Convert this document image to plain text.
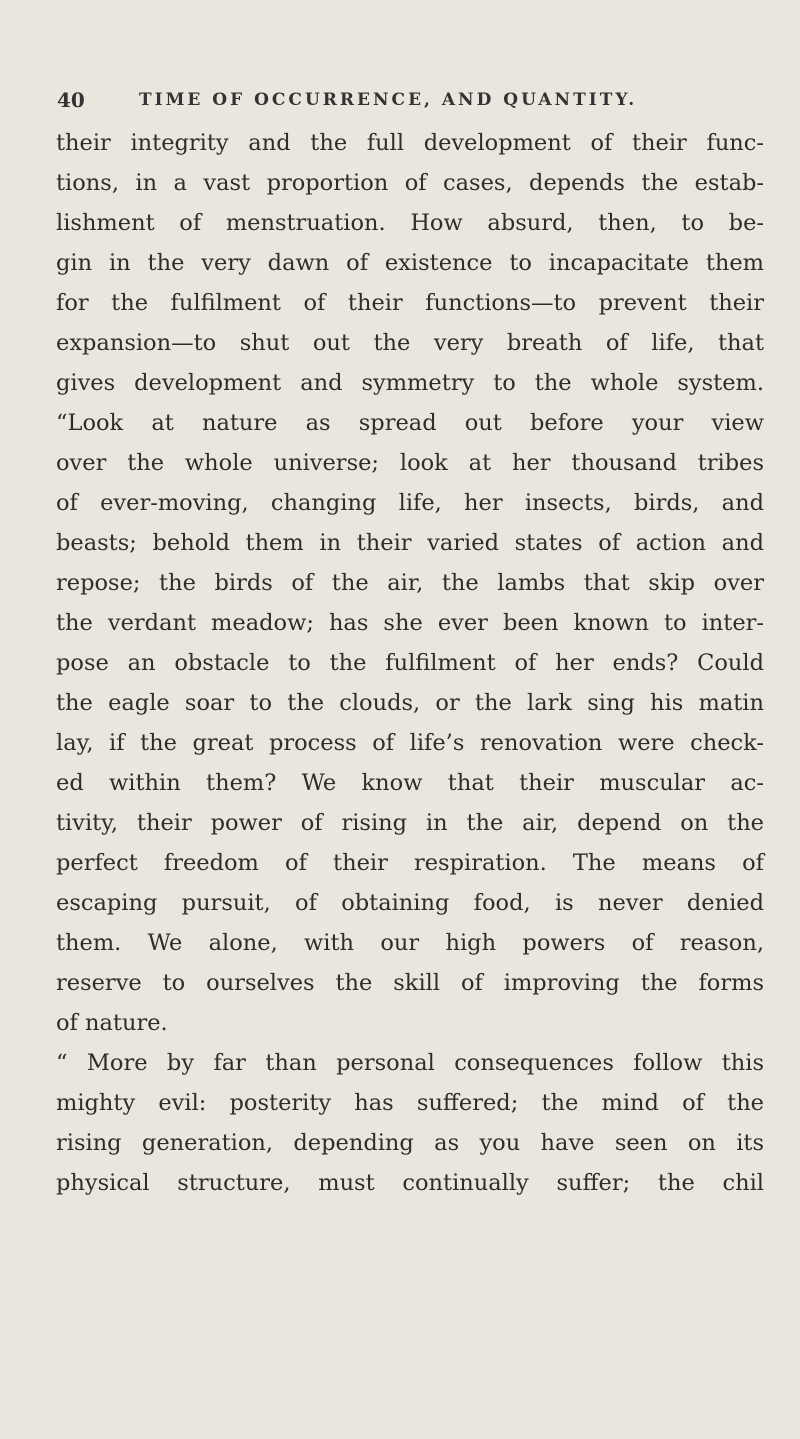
40	TIME OF OCCURRENCE, AND QUANTITY.
their integrity and the full development of their func-
tions, in a vast proportion of cases, depends the estab-
lishment of menstruation. How absurd, then, to be-
gin in the very dawn of existence to incapacitate them
for the fulfilment of their functions—to prevent their
expansion—to shut out the very breath of life, that
gives development and symmetry to the whole system.
“Look at nature as spread out before your view
over the whole universe; look at her thousand tribes
of ever-moving, changing life, her insects, birds, and
beasts; behold them in their varied states of action and
repose; the birds of the air, the lambs that skip over
the verdant meadow; has she ever been known to inter-
pose an obstacle to the fulfilment of her ends? Could
the eagle soar to the clouds, or the lark sing his matin
lay, if the great process of life’s renovation were check-
ed within them? We know that their muscular ac-
tivity, their power of rising in the air, depend on the
perfect freedom of their respiration. The means of
escaping pursuit, of obtaining food, is never denied
them. We alone, with our high powers of reason,
reserve to ourselves the skill of improving the forms
of nature.
“ More by far than personal consequences follow this
mighty evil: posterity has suffered; the mind of the
rising generation, depending as you have seen on its
physical structure, must continually suffer; the chil
